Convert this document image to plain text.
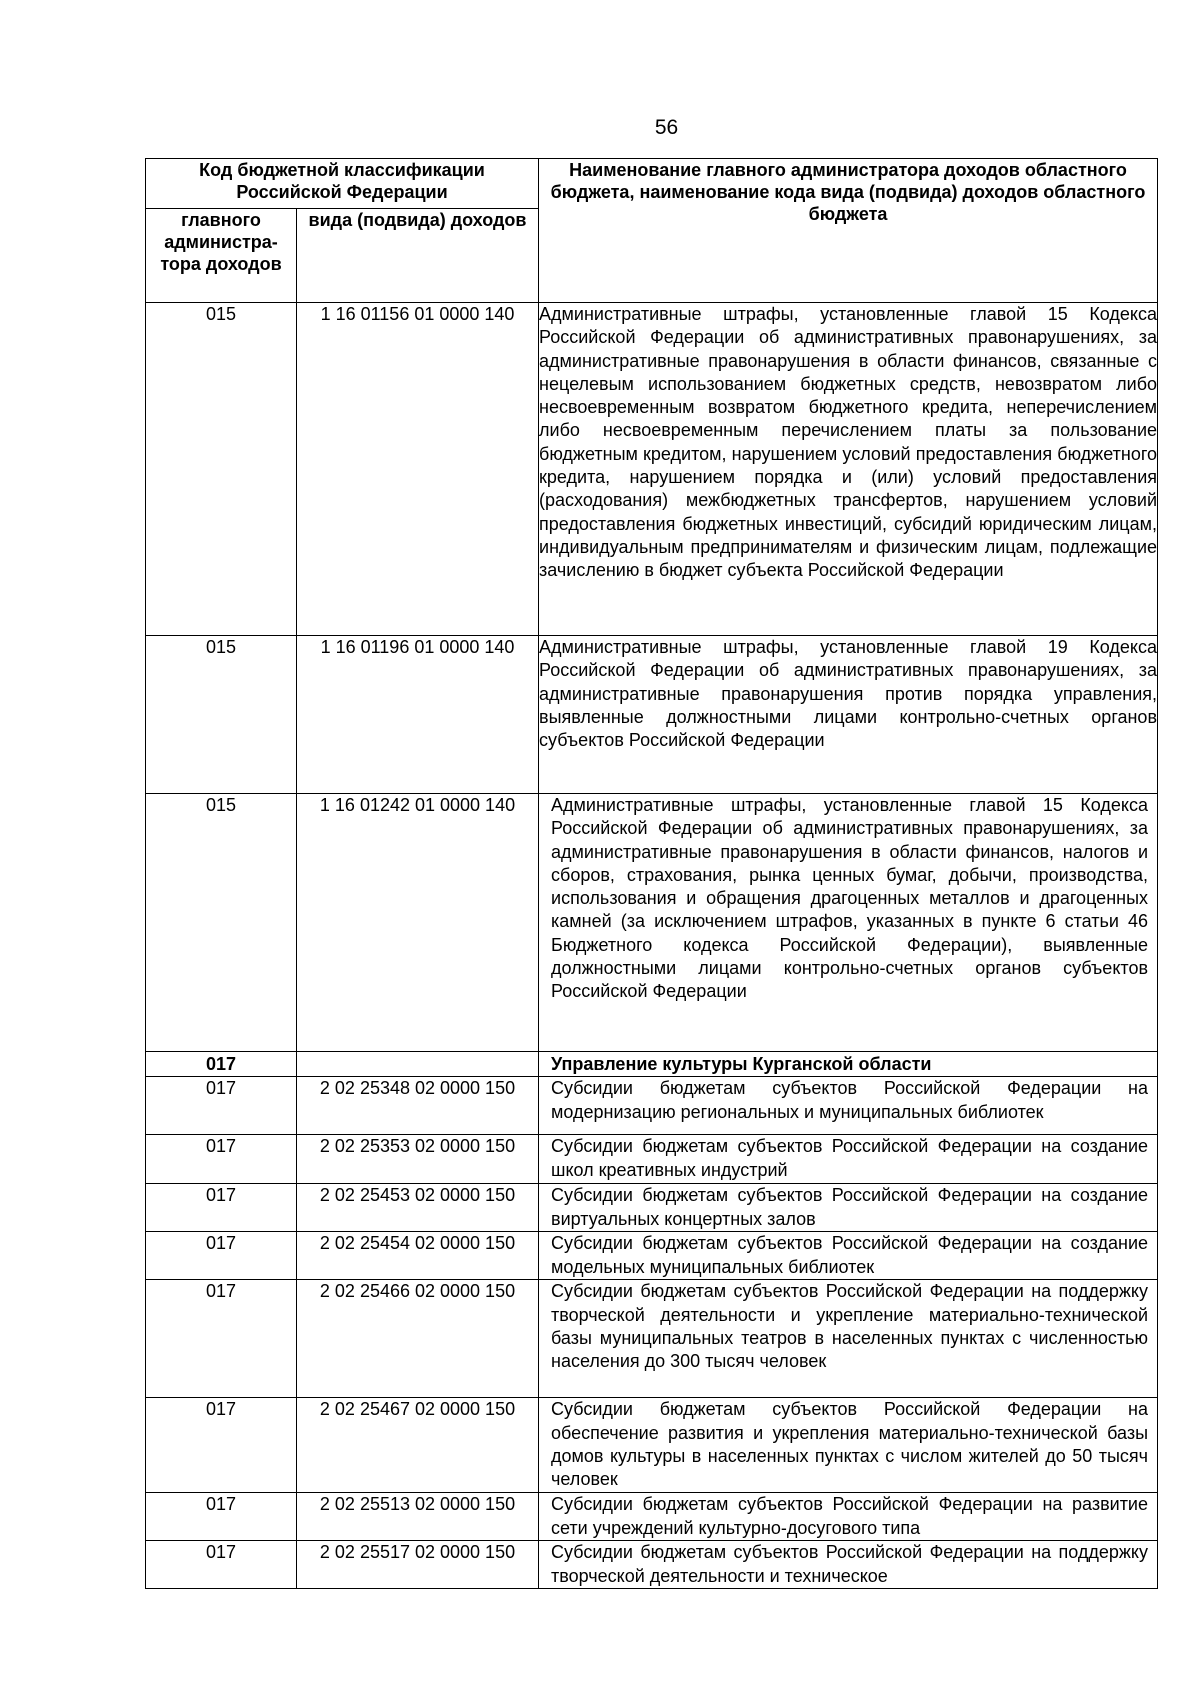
56
Код бюджетной классификации Российской Федерации		Наименование главного администратора доходов областного бюджета, наименование кода вида (подвида) доходов областного бюджета
главного администра- тора доходов	вида (подвида) доходов	
015	1 16 01156 01 0000 140	Административные штрафы, установленные главой 15 Кодекса Российской Федерации об административных правонарушениях, за административные правонарушения в области финансов, связанные с нецелевым использованием бюджетных средств, невозвратом либо несвоевременным возвратом бюджетного кредита, неперечислением либо несвоевременным перечислением платы за пользование бюджетным кредитом, нарушением условий предоставления бюджетного кредита, нарушением порядка и (или) условий предоставления (расходования) межбюджетных трансфертов, нарушением условий предоставления бюджетных инвестиций, субсидий юридическим лицам, индивидуальным предпринимателям и физическим лицам, подлежащие зачислению в бюджет субъекта Российской Федерации
015	1 16 01196 01 0000 140	Административные штрафы, установленные главой 19 Кодекса Российской Федерации об административных правонарушениях, за административные правонарушения против порядка управления, выявленные должностными лицами контрольно-счетных органов субъектов Российской Федерации
015	1 16 01242 01 0000 140	Административные штрафы, установленные главой 15 Кодекса Российской Федерации об административных правонарушениях, за административные правонарушения в области финансов, налогов и сборов, страхования, рынка ценных бумаг, добычи, производства, использования и обращения драгоценных металлов и драгоценных камней (за исключением штрафов, указанных в пункте 6 статьи 46 Бюджетного кодекса Российской Федерации), выявленные должностными лицами контрольно-счетных органов субъектов Российской Федерации
017		Управление культуры Курганской области
017	2 02 25348 02 0000 150	Субсидии бюджетам субъектов Российской Федерации на модернизацию региональных и муниципальных библиотек
017	2 02 25353 02 0000 150	Субсидии бюджетам субъектов Российской Федерации на создание школ креативных индустрий
017	2 02 25453 02 0000 150	Субсидии бюджетам субъектов Российской Федерации на создание виртуальных концертных залов
017	2 02 25454 02 0000 150	Субсидии бюджетам субъектов Российской Федерации на создание модельных муниципальных библиотек
017	2 02 25466 02 0000 150	Субсидии бюджетам субъектов Российской Федерации на поддержку творческой деятельности и укрепление материально-технической базы муниципальных театров в населенных пунктах с численностью населения до 300 тысяч человек
017	2 02 25467 02 0000 150	Субсидии бюджетам субъектов Российской Федерации на обеспечение развития и укрепления материально-технической базы домов культуры в населенных пунктах с числом жителей до 50 тысяч человек
017	2 02 25513 02 0000 150	Субсидии бюджетам субъектов Российской Федерации на развитие сети учреждений культурно-досугового типа
017	2 02 25517 02 0000 150	Субсидии бюджетам субъектов Российской Федерации на поддержку творческой деятельности и техническое
